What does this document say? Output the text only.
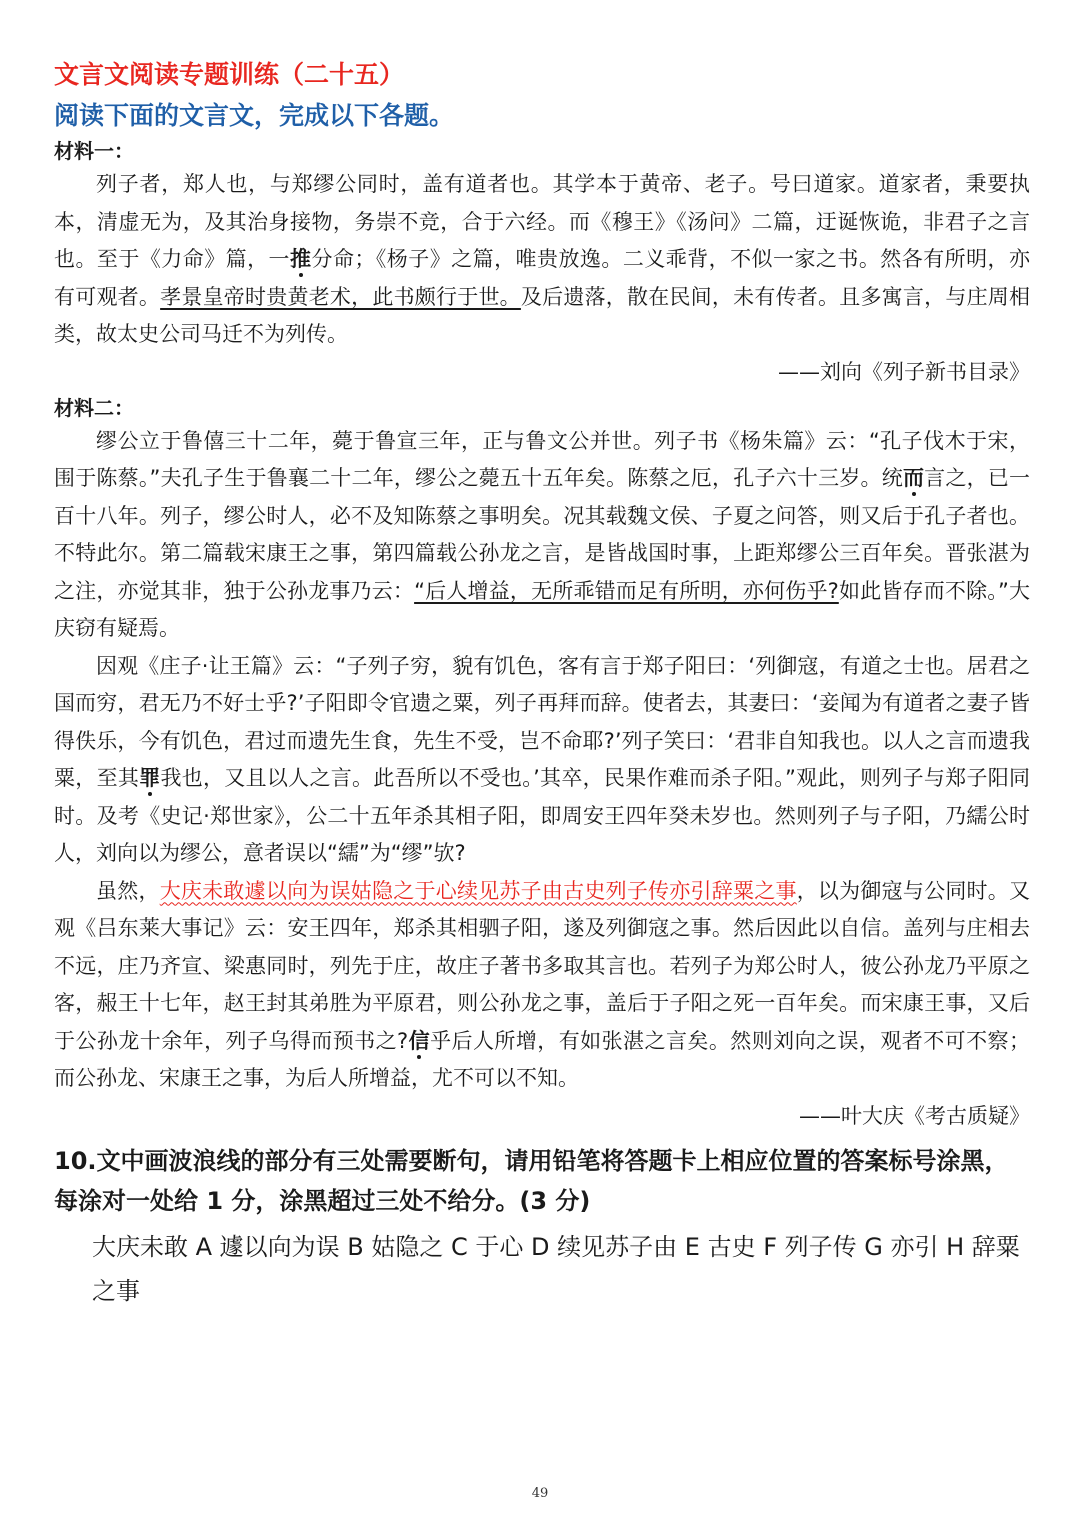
文言文阅读专题训练（二十五）
阅读下面的文言文，完成以下各题。

材料一：

列子者，郑人也，与郑缪公同时，盖有道者也。其学本于黄帝、老子。号曰道家。道家者，秉要执本，清虚无为，及其治身接物，务崇不竞，合于六经。而《穆王》《汤问》二篇，迂诞恢诡，非君子之言也。至于《力命》篇，一推分命；《杨子》之篇，唯贵放逸。二义乖背，不似一家之书。然各有所明，亦有可观者。孝景皇帝时贵黄老术，此书颇行于世。及后遗落，散在民间，未有传者。且多寓言，与庄周相类，故太史公司马迁不为列传。

——刘向《列子新书目录》

材料二：

缪公立于鲁僖三十二年，薨于鲁宣三年，正与鲁文公并世。列子书《杨朱篇》云：“孔子伐木于宋，围于陈蔡。”夫孔子生于鲁襄二十二年，缪公之薨五十五年矣。陈蔡之厄，孔子六十三岁。统而言之，已一百十八年。列子，缪公时人，必不及知陈蔡之事明矣。况其载魏文侯、子夏之问答，则又后于孔子者也。不特此尔。第二篇载宋康王之事，第四篇载公孙龙之言，是皆战国时事，上距郑缪公三百年矣。晋张湛为之注，亦觉其非，独于公孙龙事乃云：“后人增益，无所乖错而足有所明，亦何伤乎?如此皆存而不除。”大庆窃有疑焉。

因观《庄子·让王篇》云：“子列子穷，貌有饥色，客有言于郑子阳曰：‘列御寇，有道之士也。居君之国而穷，君无乃不好士乎?’子阳即令官遗之粟，列子再拜而辞。使者去，其妻曰：‘妾闻为有道者之妻子皆得佚乐，今有饥色，君过而遗先生食，先生不受，岂不命耶?’列子笑曰：‘君非自知我也。以人之言而遗我粟，至其罪我也，又且以人之言。此吾所以不受也。’其卒，民果作难而杀子阳。”观此，则列子与郑子阳同时。及考《史记·郑世家》，公二十五年杀其相子阳，即周安王四年癸未岁也。然则列子与子阳，乃繻公时人，刘向以为缪公，意者误以“繻”为“缪”欤?

虽然，大庆未敢遽以向为误姑隐之于心续见苏子由古史列子传亦引辞粟之事，以为御寇与公同时。又观《吕东莱大事记》云：安王四年，郑杀其相驷子阳，遂及列御寇之事。然后因此以自信。盖列与庄相去不远，庄乃齐宣、梁惠同时，列先于庄，故庄子著书多取其言也。若列子为郑公时人，彼公孙龙乃平原之客，赧王十七年，赵王封其弟胜为平原君，则公孙龙之事，盖后于子阳之死一百年矣。而宋康王事，又后于公孙龙十余年，列子乌得而预书之?信乎后人所增，有如张湛之言矣。然则刘向之误，观者不可不察；而公孙龙、宋康王之事，为后人所增益，尤不可以不知。

——叶大庆《考古质疑》

10.文中画波浪线的部分有三处需要断句，请用铅笔将答题卡上相应位置的答案标号涂黑，每涂对一处给 1 分，涂黑超过三处不给分。(3 分)

大庆未敢 A 遽以向为误 B 姑隐之 C 于心 D 续见苏子由 E 古史 F 列子传 G 亦引 H 辞粟之事

49
